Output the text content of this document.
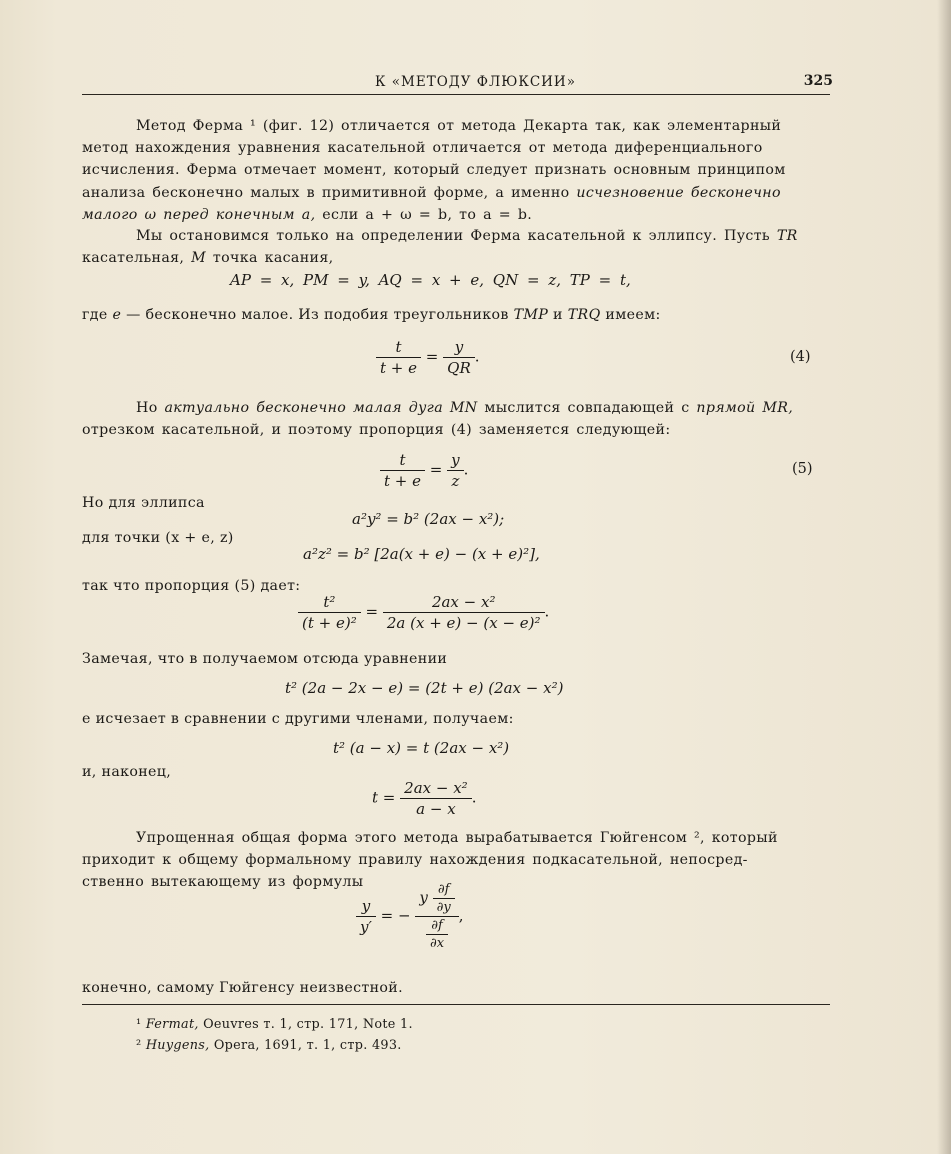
К «МЕТОДУ ФЛЮКСИИ»	325
Метод Ферма ¹ (фиг. 12) отличается от метода Декарта так, как элементарный
метод нахождения уравнения касательной отличается от метода диференциального
исчисления. Ферма отмечает момент, который следует признать основным принципом
анализа бесконечно малых в примитивной форме, а именно исчезновение бесконечно
малого ω перед конечным a, если a + ω = b, то a = b.
Мы остановимся только на определении Ферма касательной к эллипсу. Пусть TR
касательная, M точка касания,
AP = x, PM = y, AQ = x + e, QN = z, TP = t,
где e — бесконечно малое. Из подобия треугольников TMP и TRQ имеем:
$\frac{t}{t + e} = \frac{y}{QR}$ .	(4)
Но актуально бесконечно малая дуга MN мыслится совпадающей с прямой MR,
отрезком касательной, и поэтому пропорция (4) заменяется следующей:
$\frac{t}{t + e} = \frac{y}{z}$ .	(5)
Но для эллипса
a²y² = b² (2ax − x²);
для точки (x + e, z)
a²z² = b² [2a(x + e) − (x + e)²],
так что пропорция (5) дает:
$\frac{\text{t²}}{\text{(t + e)²}} = \frac{\text{2ax − x²}}{\text{2a (x + e) − (x − e)²}}$ .
Замечая, что в получаемом отсюда уравнении
t² (2a − 2x − e) = (2t + e) (2ax − x²)
e исчезает в сравнении с другими членами, получаем:
t² (a − x) = t (2ax − x²)
и, наконец,
$t = \frac{\text{2ax − x²}}{a - x}$ .
Упрощенная общая форма этого метода вырабатывается Гюйгенсом ², который
приходит к общему формальному правилу нахождения подкасательной, непосред-
ственно вытекающему из формулы
$\frac{y}{y'}$ = − $\frac{y \frac{\partial f}{\partial y}}{\frac{\partial f}{\partial x}}$ ,
конечно, самому Гюйгенсу неизвестной.
¹ Fermat, Oeuvres т. 1, стр. 171, Note 1.
² Huygens, Opera, 1691, т. 1, стр. 493.
